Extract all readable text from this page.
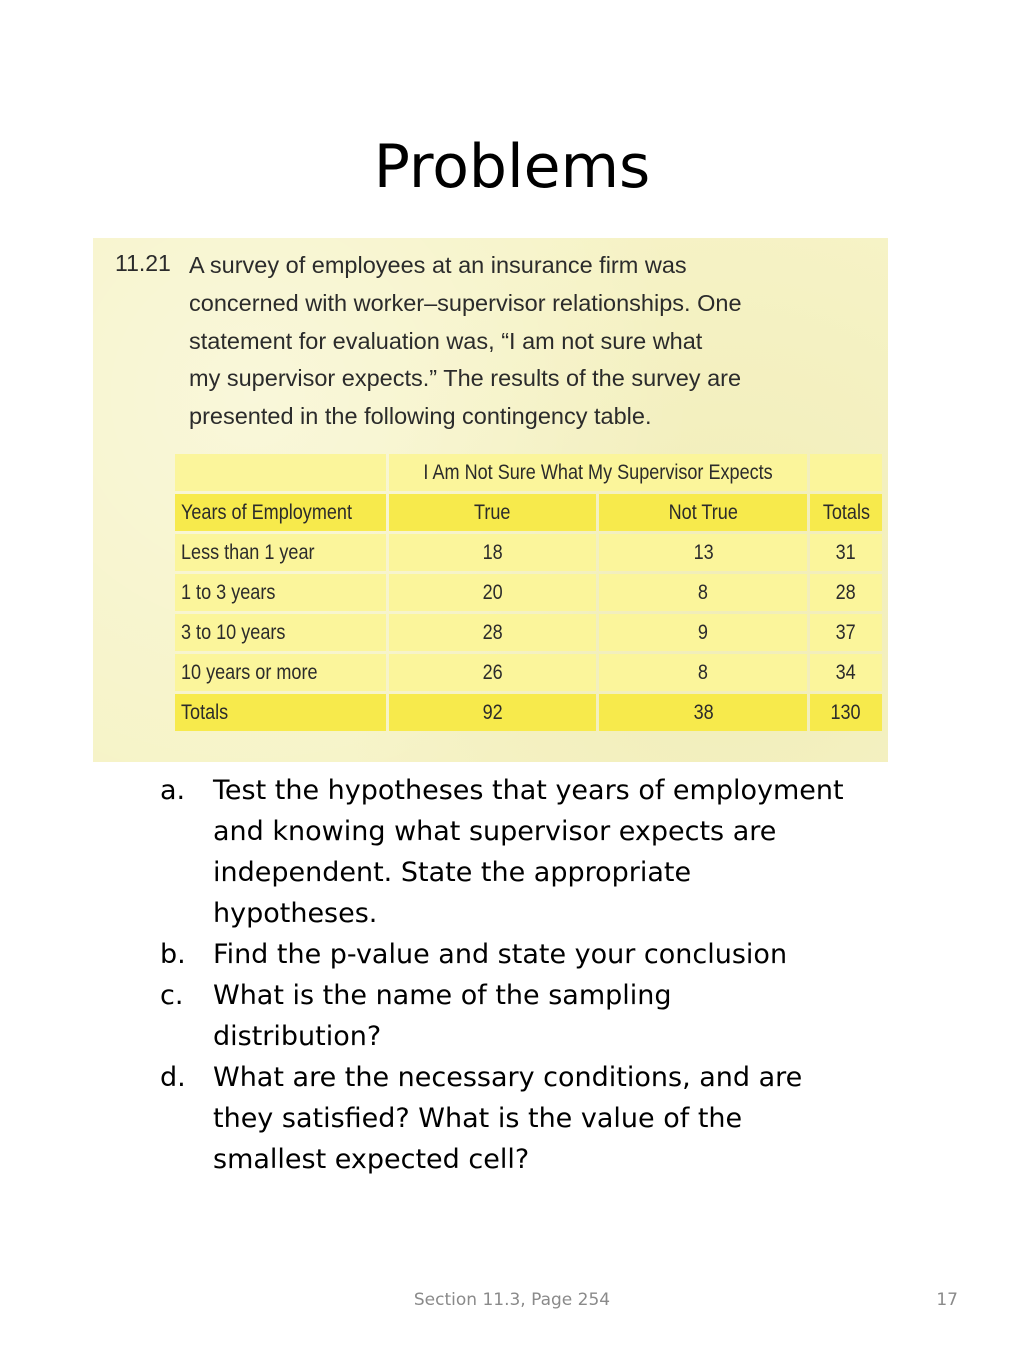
Problems
11.21 A survey of employees at an insurance firm was
concerned with worker–supervisor relationships. One
statement for evaluation was, “I am not sure what
my supervisor expects.” The results of the survey are
presented in the following contingency table.
	I Am Not Sure What My Supervisor Expects		
Years of Employment	True	Not True	Totals
Less than 1 year	18	13	31
1 to 3 years	20	8	28
3 to 10 years	28	9	37
10 years or more	26	8	34
Totals	92	38	130
a. Test the hypotheses that years of employment
and knowing what supervisor expects are
independent. State the appropriate
hypotheses.
b. Find the p-value and state your conclusion
c. What is the name of the sampling
distribution?
d. What are the necessary conditions, and are
they satisfied? What is the value of the
smallest expected cell?
Section 11.3, Page 254	17
